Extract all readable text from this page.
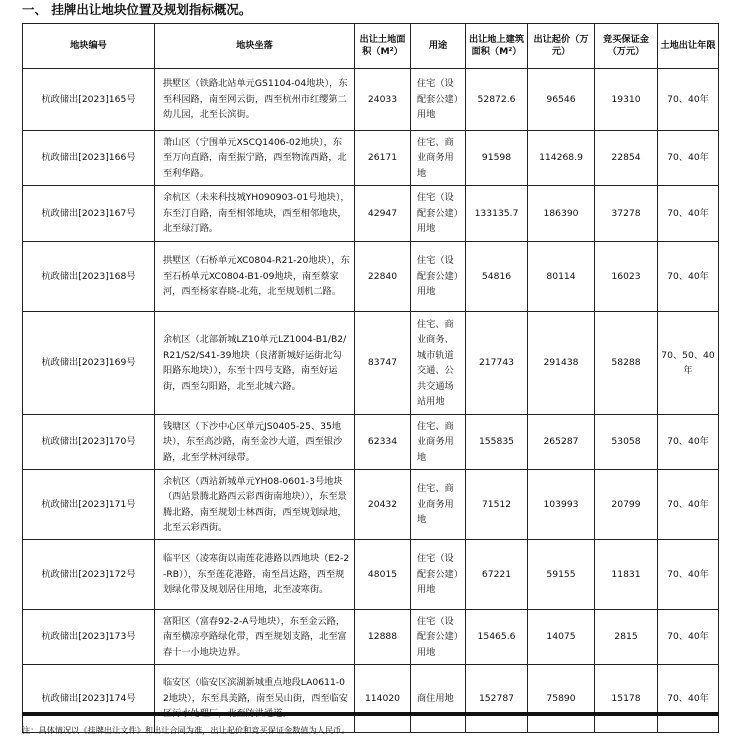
一、 挂牌出让地块位置及规划指标概况。
地块编号	地块坐落	出让土地面积（M²）	用途	出让地上建筑面积（M²）	出让起价（万元）	竞买保证金（万元）	土地出让年限
杭政储出[2023]165号	拱墅区（铁路北站单元GS1104-04地块），东至科园路，南至网云街，西至杭州市红缨第二幼儿园，北至长滨街。	24033	住宅（设配套公建）用地	52872.6	96546	19310	70、40年
杭政储出[2023]166号	萧山区（宁围单元XSCQ1406-02地块），东至万向直路，南至振宁路，西至物流西路，北至利华路。	26171	住宅、商业商务用地	91598	114268.9	22854	70、40年
杭政储出[2023]167号	余杭区（未来科技城YH090903-01号地块），东至汀自路，南至相邻地块，西至相邻地块，北至绿汀路。	42947	住宅（设配套公建）用地	133135.7	186390	37278	70、40年
杭政储出[2023]168号	拱墅区（石桥单元XC0804-R21-20地块），东至石桥单元XC0804-B1-09地块，南至蔡家河，西至杨家春晓-北苑，北至规划机二路。	22840	住宅（设配套公建）用地	54816	80114	16023	70、40年
杭政储出[2023]169号	余杭区（北部新城LZ10单元LZ1004-B1/B2/R21/S2/S41-39地块（良渚新城好运街北勾阳路东地块）），东至十四号支路，南至好运街，西至勾阳路，北至北城六路。	83747	住宅、商业商务、城市轨道交通、公共交通场站用地	217743	291438	58288	70、50、40年
杭政储出[2023]170号	钱塘区（下沙中心区单元JS0405-25、35地块），东至高沙路，南至金沙大道，西至银沙路，北至学林河绿带。	62334	住宅、商业商务用地	155835	265287	53058	70、40年
杭政储出[2023]171号	余杭区（西站新城单元YH08-0601-3号地块（西站景腾北路西云彩西街南地块）），东至景腾北路，南至规划士林西街，西至规划绿地，北至云彩西街。	20432	住宅、商业商务用地	71512	103993	20799	70、40年
杭政储出[2023]172号	临平区（凌寒街以南莲花港路以西地块（E2-2-RB）），东至莲花港路，南至昌达路，西至规划绿化带及规划居住用地，北至凌寒街。	48015	住宅（设配套公建）用地	67221	59155	11831	70、40年
杭政储出[2023]173号	富阳区（富春92-2-A号地块），东至金云路，南至横凉亭路绿化带，西至规划支路，北至富春十一小地块边界。	12888	住宅（设配套公建）用地	15465.6	14075	2815	70、40年
杭政储出[2023]174号	临安区（临安区滨湖新城重点地段LA0611-02地块），东至具美路，南至吴山街，西至临安	114020	商住用地	152787	75890	15178	70、40年
注：具体情况以《挂牌出让文件》和出让合同为准，出让起价和竞买保证金数值为人民币。
